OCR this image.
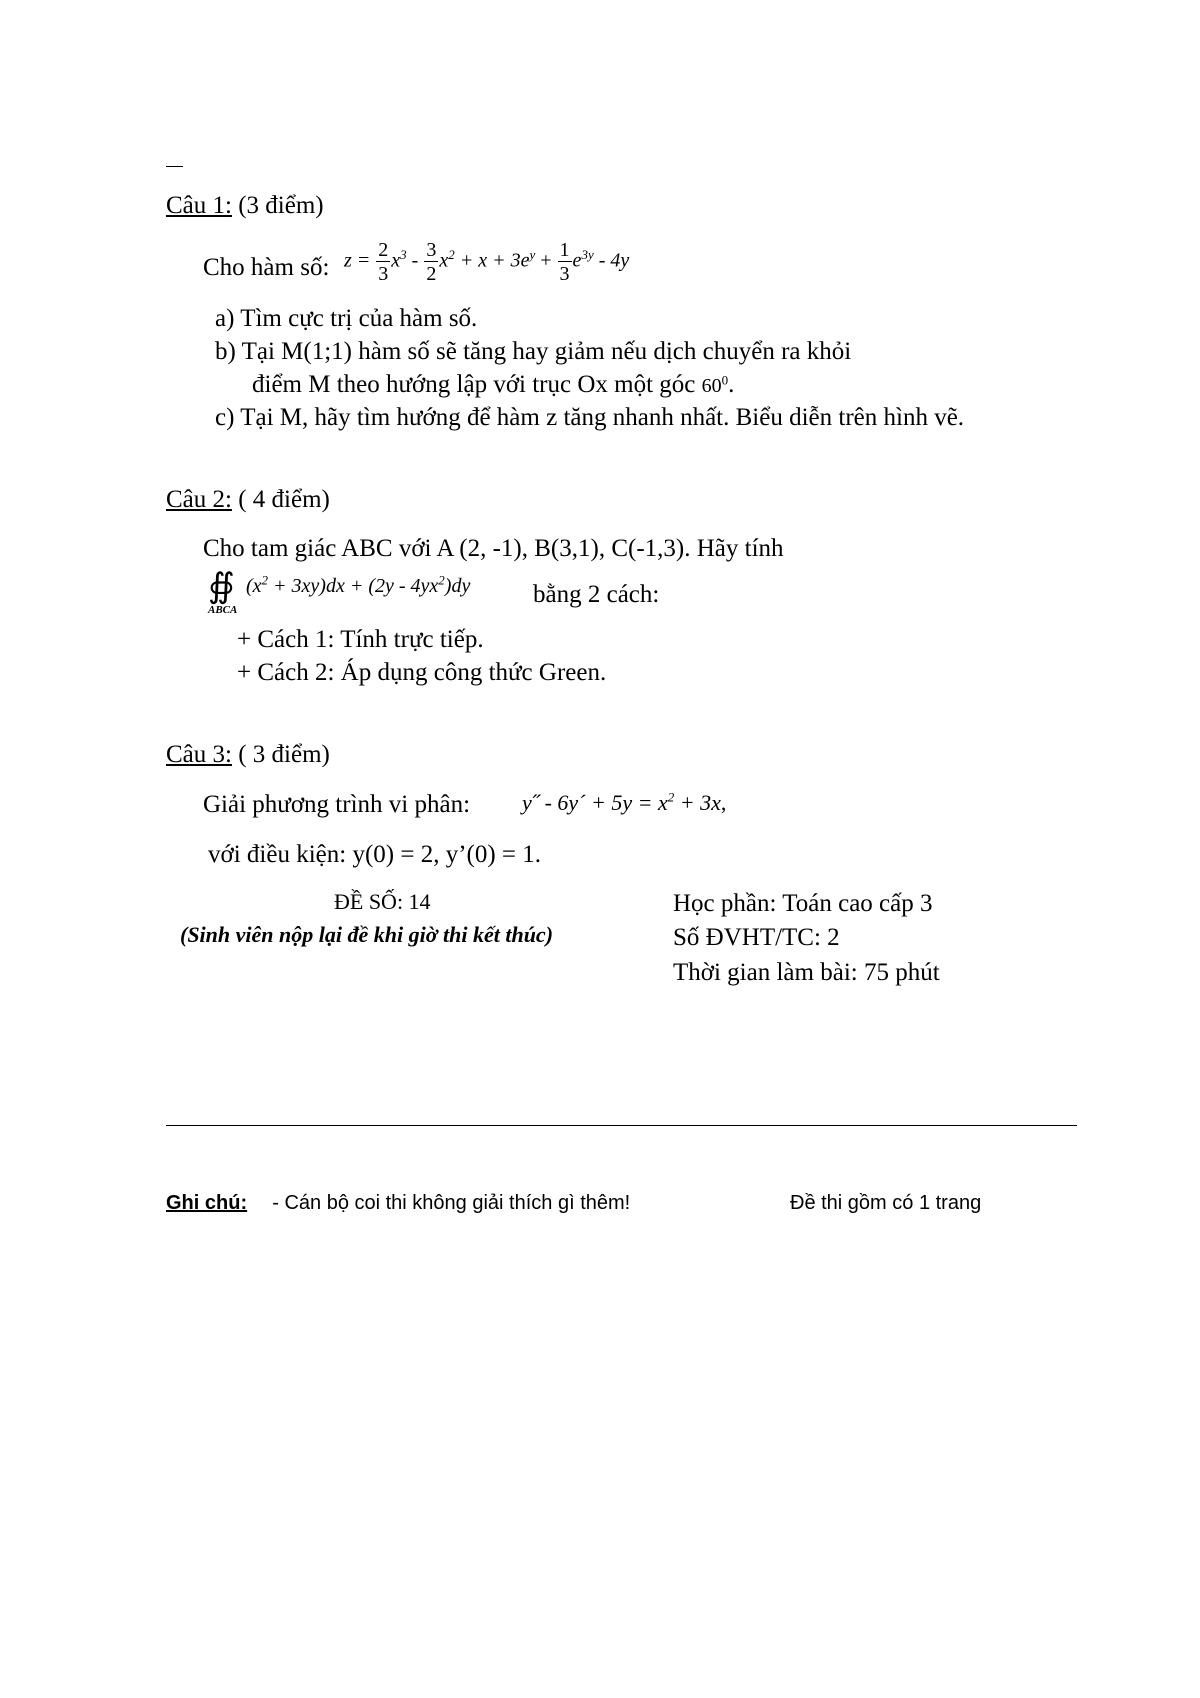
Câu 1: (3 điểm)
Cho hàm số: $z = \frac{2}{3} x^3 - \frac{3}{2} x^2 + x + 3e^y + \frac{1}{3} e^{3y} - 4y$
a) Tìm cực trị của hàm số.
b) Tại M(1;1) hàm số sẽ tăng hay giảm nếu dịch chuyển ra khỏi
điểm M theo hướng lập với trục Ox một góc $60^0$.
c) Tại M, hãy tìm hướng để hàm z tăng nhanh nhất. Biểu diễn trên hình vẽ.
Câu 2: ( 4 điểm)
Cho tam giác ABC với A (2, -1), B(3,1), C(-1,3). Hãy tính
∯
ABCA
$(x^2 + 3xy)dx + (2y - 4yx^2)dy$	bằng 2 cách:
+ Cách 1: Tính trực tiếp.
+ Cách 2: Áp dụng công thức Green.
Câu 3: ( 3 điểm)
Giải phương trình vi phân: y˝ - 6y´ + $5y = x^2 + 3x$,
với điều kiện: y(0) = 2, y’(0) = 1.
ĐỀ SỐ: 14
(Sinh viên nộp lại đề khi giờ thi kết thúc)
Học phần: Toán cao cấp 3
Số ĐVHT/TC: 2
Thời gian làm bài: 75 phút
Ghi chú: - Cán bộ coi thi không giải thích gì thêm!	Đề thi gồm có 1 trang
